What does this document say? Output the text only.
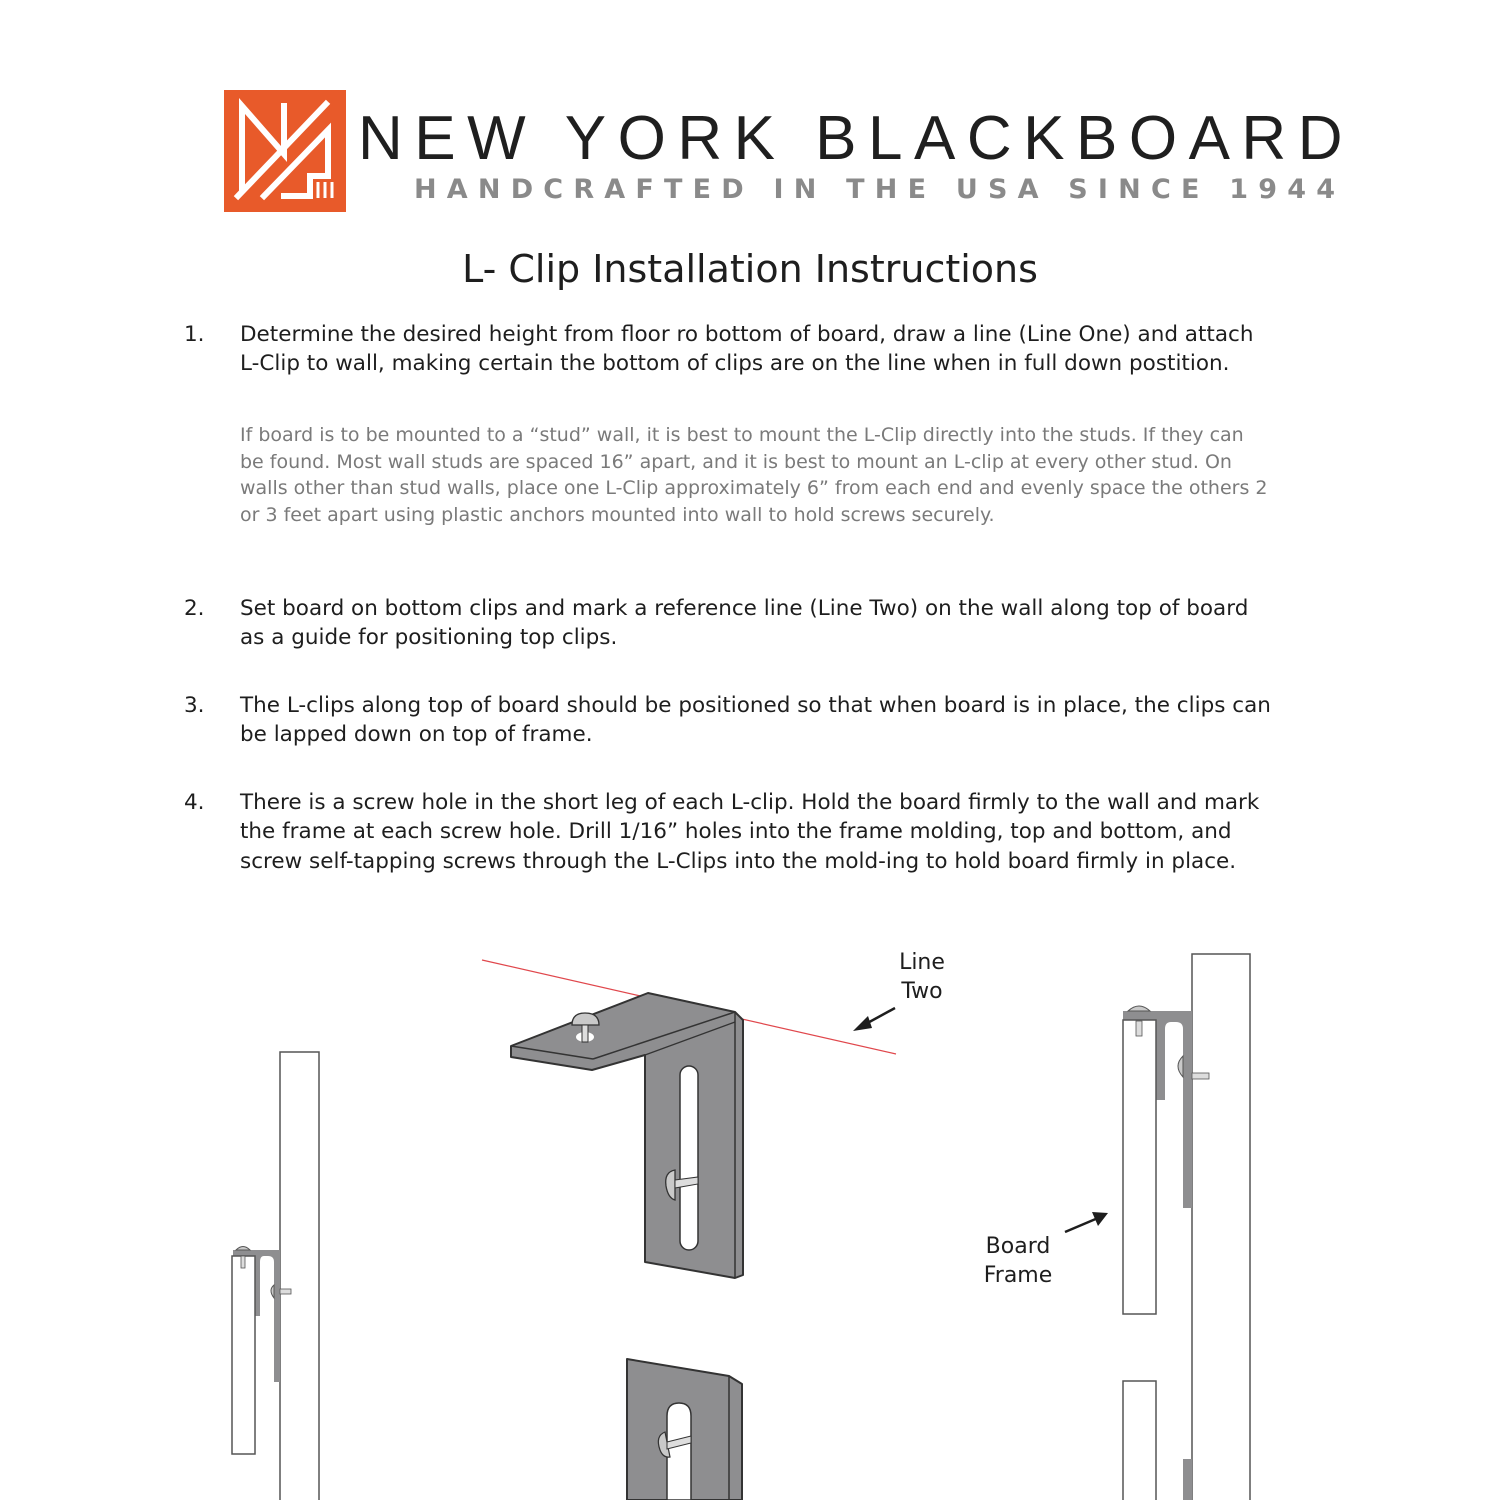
NEW YORK BLACKBOARD
HANDCRAFTED IN THE USA SINCE 1944
L- Clip Installation Instructions
1. Determine the desired height from floor ro bottom of board, draw a line (Line One) and attach L-Clip to wall, making certain the bottom of clips are on the line when in full down postition.
If board is to be mounted to a “stud” wall, it is best to mount the L-Clip directly into the studs. If they can be found. Most wall studs are spaced 16” apart, and it is best to mount an L-clip at every other stud. On walls other than stud walls, place one L-Clip approximately 6” from each end and evenly space the others 2 or 3 feet apart using plastic anchors mounted into wall to hold screws securely.
2. Set board on bottom clips and mark a reference line (Line Two) on the wall along top of board as a guide for positioning top clips.
3. The L-clips along top of board should be positioned so that when board is in place, the clips can be lapped down on top of frame.
4. There is a screw hole in the short leg of each L-clip. Hold the board firmly to the wall and mark the frame at each screw hole. Drill 1/16” holes into the frame molding, top and bottom, and screw self-tapping screws through the L-Clips into the mold-ing to hold board firmly in place.
Line
Two
Board
Frame
